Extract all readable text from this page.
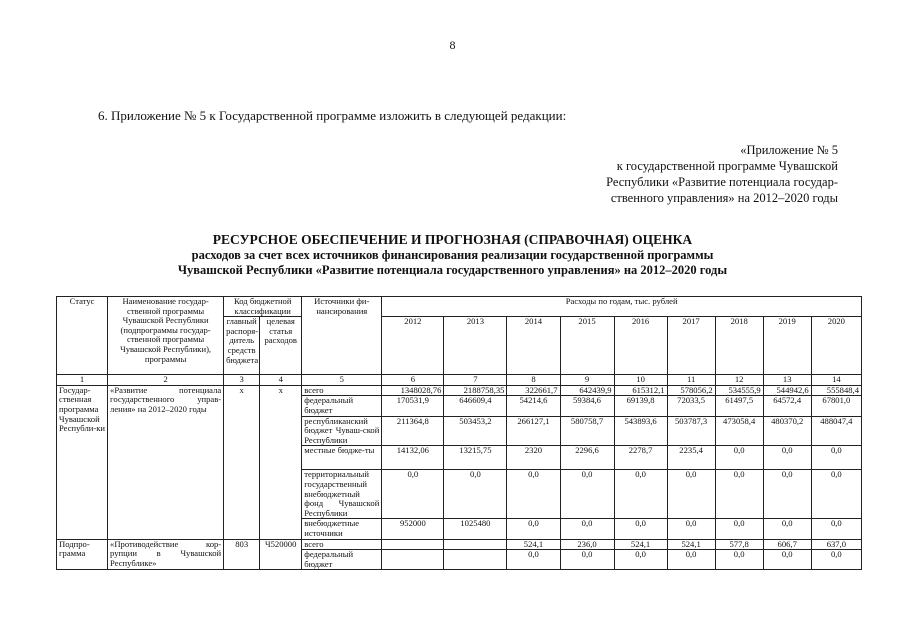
8
6. Приложение № 5 к Государственной программе изложить в следующей редакции:
«Приложение № 5
к государственной программе Чувашской
Республики «Развитие потенциала государ-
ственного управления» на 2012–2020 годы
РЕСУРСНОЕ ОБЕСПЕЧЕНИЕ И ПРОГНОЗНАЯ (СПРАВОЧНАЯ) ОЦЕНКА
расходов за счет всех источников финансирования реализации государственной программы
Чувашской Республики «Развитие потенциала государственного управления» на 2012–2020 годы
Статус	Наименование государ-ственной программы Чувашской Республики (подпрограммы государ-ственной программы Чувашской Республики), программы	Код бюджетной классификации		Источники фи-нансирования	Расходы по годам, тыс. рублей								
		главный распоря-дитель средств бюджета	целевая статья расходов		2012	2013	2014	2015	2016	2017	2018	2019	2020
1	2	3	4	5	6	7	8	9	10	11	12	13	14
Государ-ственная программа Чувашской Республи-ки	«Развитие потенциала государственного управ-ления» на 2012–2020 годы	x	x	всего	1348028,76	2188758,35	322661,7	642439,9	615312,1	578056,2	534555,9	544942,6	555848,4
				федеральный бюджет	170531,9	646609,4	54214,6	59384,6	69139,8	72033,5	61497,5	64572,4	67801,0
				республиканский бюджет Чуваш-ской Республики	211364,8	503453,2	266127,1	580758,7	543893,6	503787,3	473058,4	480370,2	488047,4
				местные бюдже-ты	14132,06	13215,75	2320	2296,6	2278,7	2235,4	0,0	0,0	0,0
				территориальный государственный внебюджетный фонд Чувашской Республики	0,0	0,0	0,0	0,0	0,0	0,0	0,0	0,0	0,0
				внебюджетные источники	952000	1025480	0,0	0,0	0,0	0,0	0,0	0,0	0,0
Подпро-грамма	«Противодействие кор-рупции в Чувашской Республике»	803	Ч520000	всего			524,1	236,0	524,1	524,1	577,8	606,7	637,0
				федеральный бюджет			0,0	0,0	0,0	0,0	0,0	0,0	0,0
